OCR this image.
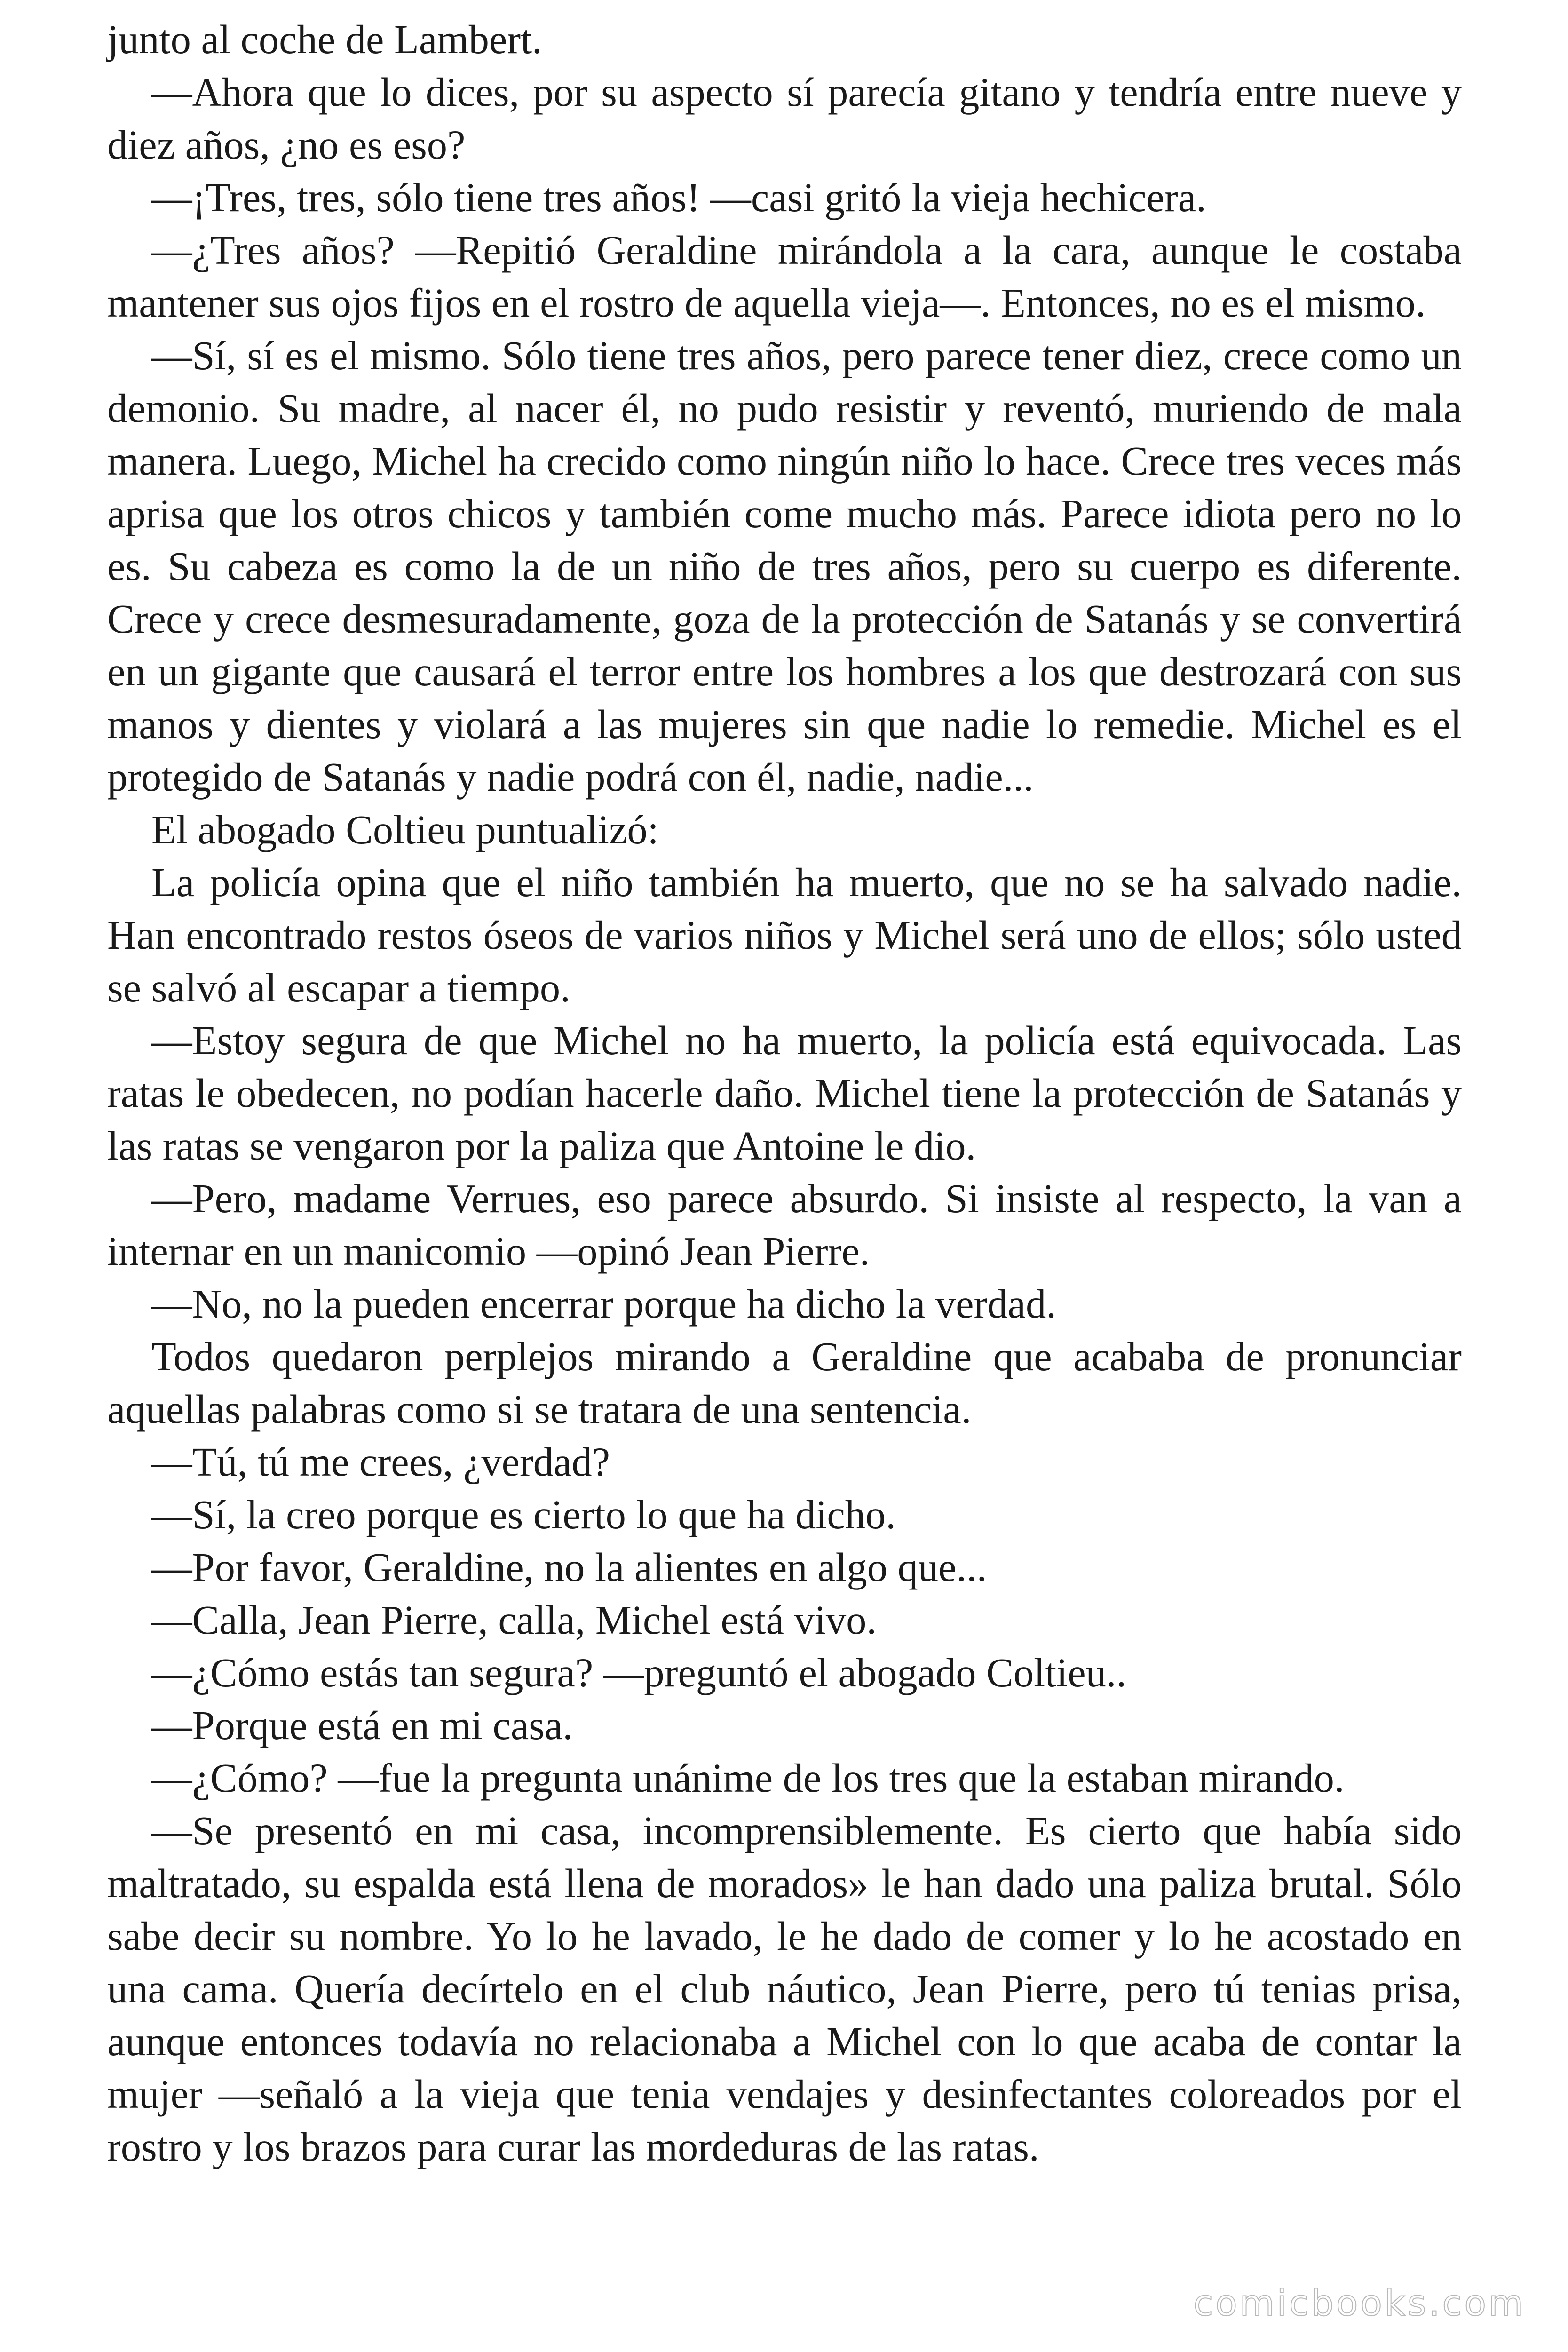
junto al coche de Lambert.

—Ahora que lo dices, por su aspecto sí parecía gitano y tendría entre nueve y diez años, ¿no es eso?

—¡Tres, tres, sólo tiene tres años! —casi gritó la vieja hechicera.

—¿Tres años? —Repitió Geraldine mirándola a la cara, aunque le costaba mantener sus ojos fijos en el rostro de aquella vieja—. Entonces, no es el mismo.

—Sí, sí es el mismo. Sólo tiene tres años, pero parece tener diez, crece como un demonio. Su madre, al nacer él, no pudo resistir y reventó, muriendo de mala manera. Luego, Michel ha crecido como ningún niño lo hace. Crece tres veces más aprisa que los otros chicos y también come mucho más. Parece idiota pero no lo es. Su cabeza es como la de un niño de tres años, pero su cuerpo es diferente. Crece y crece desmesuradamente, goza de la protección de Satanás y se convertirá en un gigante que causará el terror entre los hombres a los que destrozará con sus manos y dientes y violará a las mujeres sin que nadie lo remedie. Michel es el protegido de Satanás y nadie podrá con él, nadie, nadie...

El abogado Coltieu puntualizó:

La policía opina que el niño también ha muerto, que no se ha salvado nadie. Han encontrado restos óseos de varios niños y Michel será uno de ellos; sólo usted se salvó al escapar a tiempo.

—Estoy segura de que Michel no ha muerto, la policía está equivocada. Las ratas le obedecen, no podían hacerle daño. Michel tiene la protección de Satanás y las ratas se vengaron por la paliza que Antoine le dio.

—Pero, madame Verrues, eso parece absurdo. Si insiste al respecto, la van a internar en un manicomio —opinó Jean Pierre.

—No, no la pueden encerrar porque ha dicho la verdad.

Todos quedaron perplejos mirando a Geraldine que acababa de pronunciar aquellas palabras como si se tratara de una sentencia.

—Tú, tú me crees, ¿verdad?

—Sí, la creo porque es cierto lo que ha dicho.

—Por favor, Geraldine, no la alientes en algo que...

—Calla, Jean Pierre, calla, Michel está vivo.

—¿Cómo estás tan segura? —preguntó el abogado Coltieu..

—Porque está en mi casa.

—¿Cómo? —fue la pregunta unánime de los tres que la estaban mirando.

—Se presentó en mi casa, incomprensiblemente. Es cierto que había sido maltratado, su espalda está llena de morados» le han dado una paliza brutal. Sólo sabe decir su nombre. Yo lo he lavado, le he dado de comer y lo he acostado en una cama. Quería decírtelo en el club náutico, Jean Pierre, pero tú tenias prisa, aunque entonces todavía no relacionaba a Michel con lo que acaba de contar la mujer —señaló a la vieja que tenia vendajes y desinfectantes coloreados por el rostro y los brazos para curar las mordeduras de las ratas.

comicbooks.com
